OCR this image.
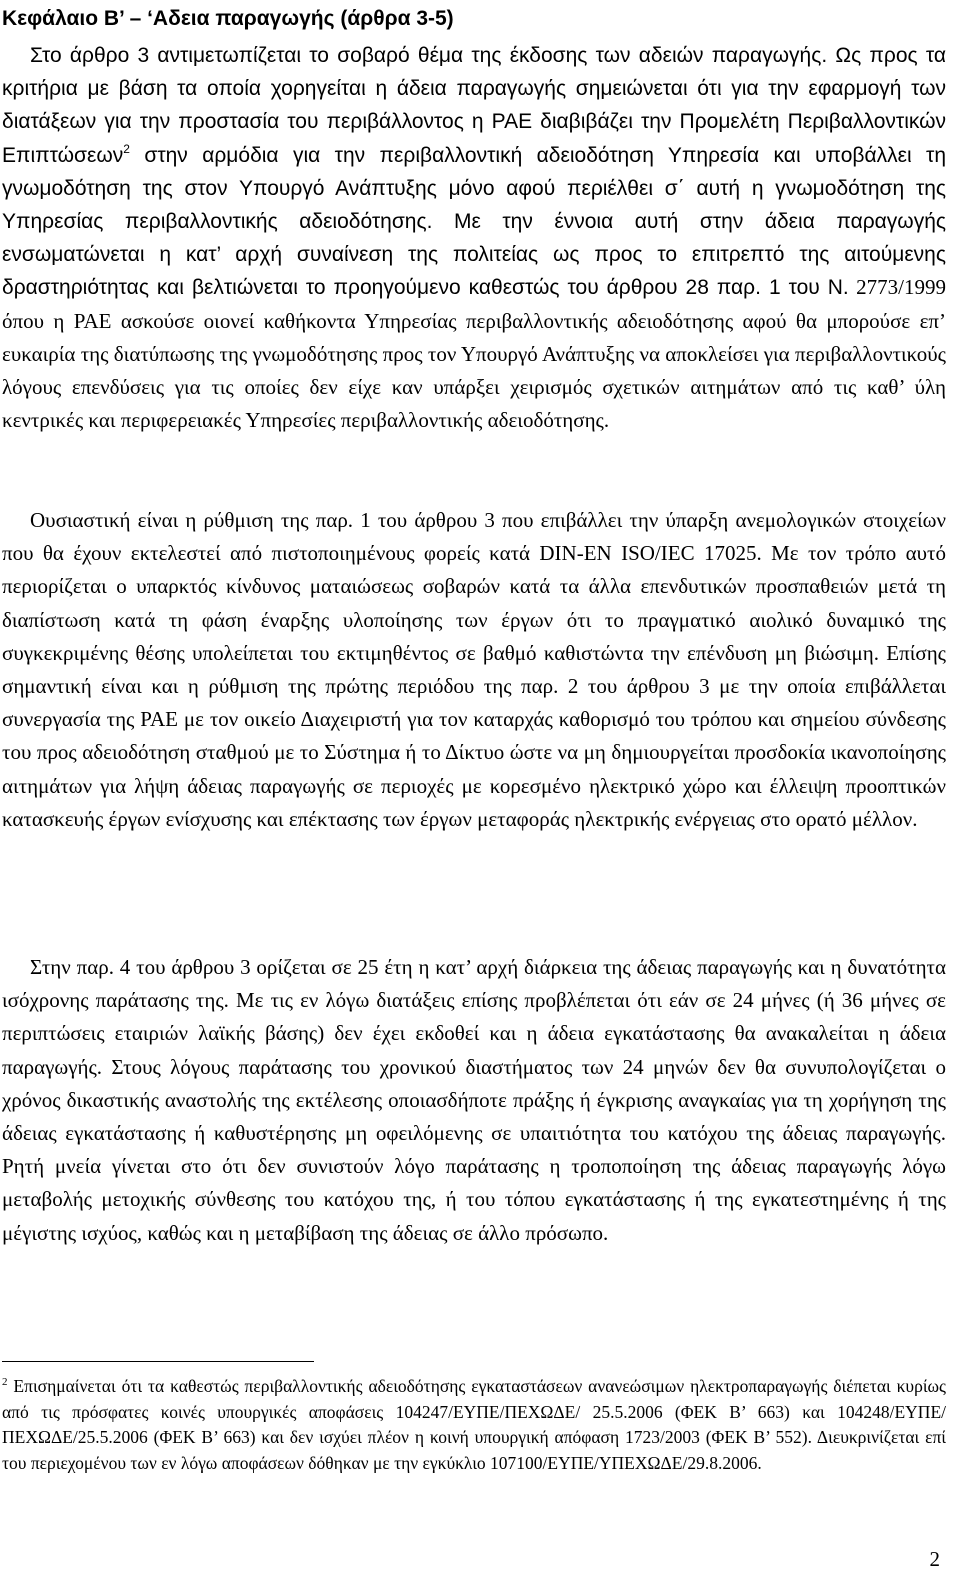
Κεφάλαιο Β’ – ‘Αδεια παραγωγής (άρθρα 3-5)

Στο άρθρο 3 αντιμετωπίζεται το σοβαρό θέμα της έκδοσης των αδειών παραγωγής. Ως προς τα κριτήρια με βάση τα οποία χορηγείται η άδεια παραγωγής σημειώνεται ότι για την εφαρμογή των διατάξεων για την προστασία του περιβάλλοντος η ΡΑΕ διαβιβάζει την Προμελέτη Περιβαλλοντικών Επιπτώσεων$^2$ στην αρμόδια για την περιβαλλοντική αδειοδότηση Υπηρεσία και υποβάλλει τη γνωμοδότηση της στον Υπουργό Ανάπτυξης μόνο αφού περιέλθει σ΄ αυτή η γνωμοδότηση της Υπηρεσίας περιβαλλοντικής αδειοδότησης. Με την έννοια αυτή στην άδεια παραγωγής ενσωματώνεται η κατ’ αρχή συναίνεση της πολιτείας ως προς το επιτρεπτό της αιτούμενης δραστηριότητας και βελτιώνεται το προηγούμενο καθεστώς του άρθρου 28 παρ. 1 του Ν. 2773/1999 όπου η ΡΑΕ ασκούσε οιονεί καθήκοντα Υπηρεσίας περιβαλλοντικής αδειοδότησης αφού θα μπορούσε επ’ ευκαιρία της διατύπωσης της γνωμοδότησης προς τον Υπουργό Ανάπτυξης να αποκλείσει για περιβαλλοντικούς λόγους επενδύσεις για τις οποίες δεν είχε καν υπάρξει χειρισμός σχετικών αιτημάτων από τις καθ’ ύλη κεντρικές και περιφερειακές Υπηρεσίες περιβαλλοντικής αδειοδότησης.

Ουσιαστική είναι η ρύθμιση της παρ. 1 του άρθρου 3 που επιβάλλει την ύπαρξη ανεμολογικών στοιχείων που θα έχουν εκτελεστεί από πιστοποιημένους φορείς κατά DIN-EN ISO/IEC 17025. Με τον τρόπο αυτό περιορίζεται ο υπαρκτός κίνδυνος ματαιώσεως σοβαρών κατά τα άλλα επενδυτικών προσπαθειών μετά τη διαπίστωση κατά τη φάση έναρξης υλοποίησης των έργων ότι το πραγματικό αιολικό δυναμικό της συγκεκριμένης θέσης υπολείπεται του εκτιμηθέντος σε βαθμό καθιστώντα την επένδυση μη βιώσιμη. Επίσης σημαντική είναι και η ρύθμιση της πρώτης περιόδου της παρ. 2 του άρθρου 3 με την οποία επιβάλλεται συνεργασία της ΡΑΕ με τον οικείο Διαχειριστή για τον καταρχάς καθορισμό του τρόπου και σημείου σύνδεσης του προς αδειοδότηση σταθμού με το Σύστημα ή το Δίκτυο ώστε να μη δημιουργείται προσδοκία ικανοποίησης αιτημάτων για λήψη άδειας παραγωγής σε περιοχές με κορεσμένο ηλεκτρικό χώρο και έλλειψη προοπτικών κατασκευής έργων ενίσχυσης και επέκτασης των έργων μεταφοράς ηλεκτρικής ενέργειας στο ορατό μέλλον.

Στην παρ. 4 του άρθρου 3 ορίζεται σε 25 έτη η κατ’ αρχή διάρκεια της άδειας παραγωγής και η δυνατότητα ισόχρονης παράτασης της. Με τις εν λόγω διατάξεις επίσης προβλέπεται ότι εάν σε 24 μήνες (ή 36 μήνες σε περιπτώσεις εταιριών λαϊκής βάσης) δεν έχει εκδοθεί και η άδεια εγκατάστασης θα ανακαλείται η άδεια παραγωγής. Στους λόγους παράτασης του χρονικού διαστήματος των 24 μηνών δεν θα συνυπολογίζεται ο χρόνος δικαστικής αναστολής της εκτέλεσης οποιασδήποτε πράξης ή έγκρισης αναγκαίας για τη χορήγηση της άδειας εγκατάστασης ή καθυστέρησης μη οφειλόμενης σε υπαιτιότητα του κατόχου της άδειας παραγωγής. Ρητή μνεία γίνεται στο ότι δεν συνιστούν λόγο παράτασης η τροποποίηση της άδειας παραγωγής λόγω μεταβολής μετοχικής σύνθεσης του κατόχου της, ή του τόπου εγκατάστασης ή της εγκατεστημένης ή της μέγιστης ισχύος, καθώς και η μεταβίβαση της άδειας σε άλλο πρόσωπο.

$^2$ Επισημαίνεται ότι τα καθεστώς περιβαλλοντικής αδειοδότησης εγκαταστάσεων ανανεώσιμων ηλεκτροπαραγωγής διέπεται κυρίως από τις πρόσφατες κοινές υπουργικές αποφάσεις 104247/ΕΥΠΕ/ΠΕΧΩΔΕ/ 25.5.2006 (ΦΕΚ Β’ 663) και 104248/ΕΥΠΕ/ΠΕΧΩΔΕ/25.5.2006 (ΦΕΚ Β’ 663) και δεν ισχύει πλέον η κοινή υπουργική απόφαση 1723/2003 (ΦΕΚ Β’ 552). Διευκρινίζεται επί του περιεχομένου των εν λόγω αποφάσεων δόθηκαν με την εγκύκλιο 107100/ΕΥΠΕ/ΥΠΕΧΩΔΕ/29.8.2006.

2
